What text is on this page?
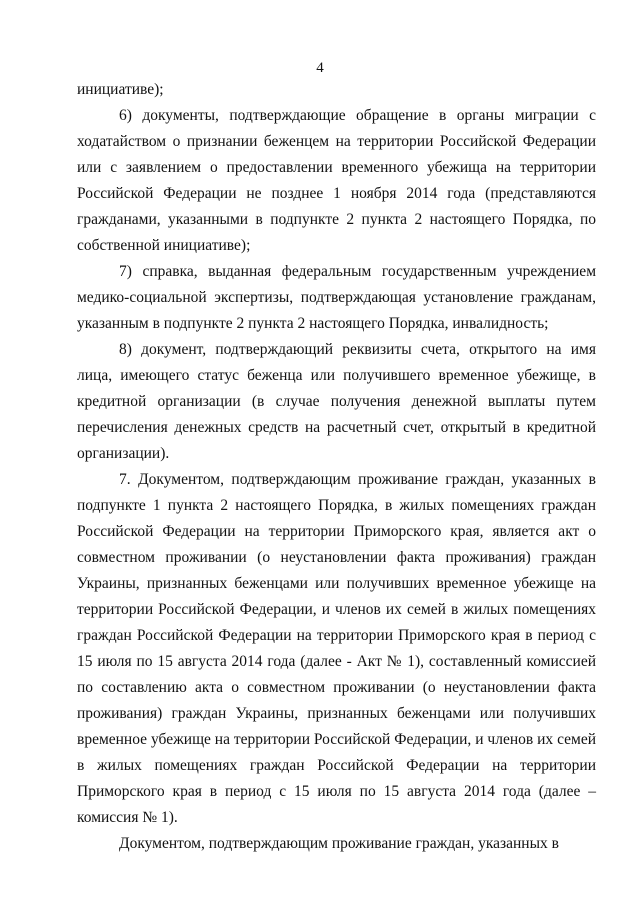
4

инициативе);

6) документы, подтверждающие обращение в органы миграции с ходатайством о признании беженцем на территории Российской Федерации или с заявлением о предоставлении временного убежища на территории Российской Федерации не позднее 1 ноября 2014 года (представляются гражданами, указанными в подпункте 2 пункта 2 настоящего Порядка, по собственной инициативе);

7) справка, выданная федеральным государственным учреждением медико-социальной экспертизы, подтверждающая установление гражданам, указанным в подпункте 2 пункта 2 настоящего Порядка, инвалидность;

8) документ, подтверждающий реквизиты счета, открытого на имя лица, имеющего статус беженца или получившего временное убежище, в кредитной организации (в случае получения денежной выплаты путем перечисления денежных средств на расчетный счет, открытый в кредитной организации).

7. Документом, подтверждающим проживание граждан, указанных в подпункте 1 пункта 2 настоящего Порядка, в жилых помещениях граждан Российской Федерации на территории Приморского края, является акт о совместном проживании (о неустановлении факта проживания) граждан Украины, признанных беженцами или получивших временное убежище на территории Российской Федерации, и членов их семей в жилых помещениях граждан Российской Федерации на территории Приморского края в период с 15 июля по 15 августа 2014 года (далее - Акт № 1), составленный комиссией по составлению акта о совместном проживании (о неустановлении факта проживания) граждан Украины, признанных беженцами или получивших временное убежище на территории Российской Федерации, и членов их семей в жилых помещениях граждан Российской Федерации на территории Приморского края в период с 15 июля по 15 августа 2014 года (далее – комиссия № 1).

Документом, подтверждающим проживание граждан, указанных в
